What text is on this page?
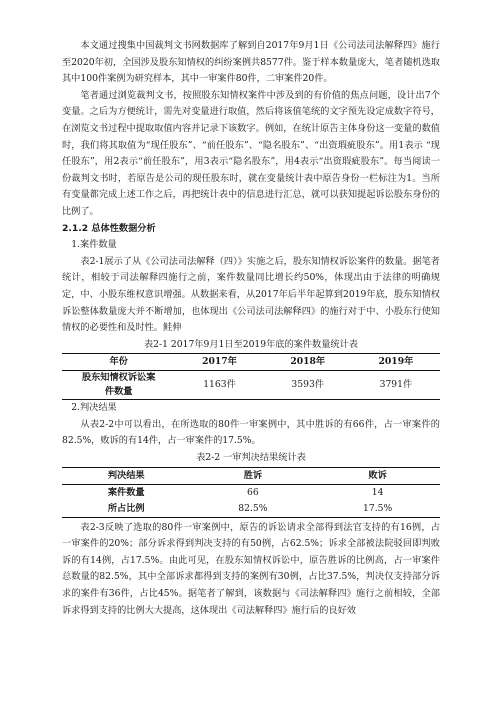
本文通过搜集中国裁判文书网数据库了解到自2017年9月1日《公司法司法解释四》施行至2020年初，全国涉及股东知情权的纠纷案例共8577件。鉴于样本数量庞大，笔者随机选取其中100件案例为研究样本，其中一审案件80件，二审案件20件。

笔者通过浏览裁判文书，按照股东知情权案件中涉及到的有价值的焦点问题，设计出7个变量。之后为方便统计，需先对变量进行取值，然后将该值笔统的文字预先设定成数字符号，在浏览文书过程中提取取值内容并记录下该数字。例如，在统计原告主体身份这一变量的数值时，我们将其取值为“现任股东”、“前任股东”、“隐名股东”、“出资瑕疵股东”。用1表示 “现任股东”，用2表示“前任股东”，用3表示“隐名股东”，用4表示“出资瑕疵股东”。每当阅读一份裁判文书时，若原告是公司的现任股东时，就在变量统计表中原告身份一栏标注为1。当所有变量都完成上述工作之后，再把统计表中的信息进行汇总，就可以获知提起诉讼股东身份的比例了。

2.1.2 总体性数据分析

1.案件数量

表2-1展示了从《公司法司法解释（四）》实施之后，股东知情权诉讼案件的数量。据笔者统计，相较于司法解释四施行之前，案件数量同比增长约50%，体现出由于法律的明确规定，中、小股东维权意识增强。从数据来看，从2017年后半年起算到2019年底，股东知情权诉讼整体数量庞大并不断增加，也体现出《公司法司法解释四》的施行对于中、小股东行使知情权的必要性和及时性。鲑伸

表2-1 2017年9月1日至2019年底的案件数量统计表

年份	2017年	2018年	2019年
股东知情权诉讼案件数量	1163件	3593件	3791件

2.判决结果

从表2-2中可以看出，在所选取的80件一审案例中，其中胜诉的有66件，占一审案件的82.5%，败诉的有14件，占一审案件的17.5%。

表2-2 一审判决结果统计表

判决结果	胜诉	败诉
案件数量	66	14
所占比例	82.5%	17.5%

表2-3反映了选取的80件一审案例中，原告的诉讼请求全部得到法官支持的有16例，占一审案件的20%；部分诉求得到判决支持的有50例，占62.5%；诉求全部被法院驳回即判败诉的有14例，占17.5%。由此可见，在股东知情权诉讼中，原告胜诉的比例高，占一审案件总数量的82.5%，其中全部诉求都得到支持的案例有30例，占比37.5%，判决仅支持部分诉求的案件有36件，占比45%。据笔者了解到，该数据与《司法解释四》施行之前相较，全部诉求得到支持的比例大大提高，这体现出《司法解释四》施行后的良好效
